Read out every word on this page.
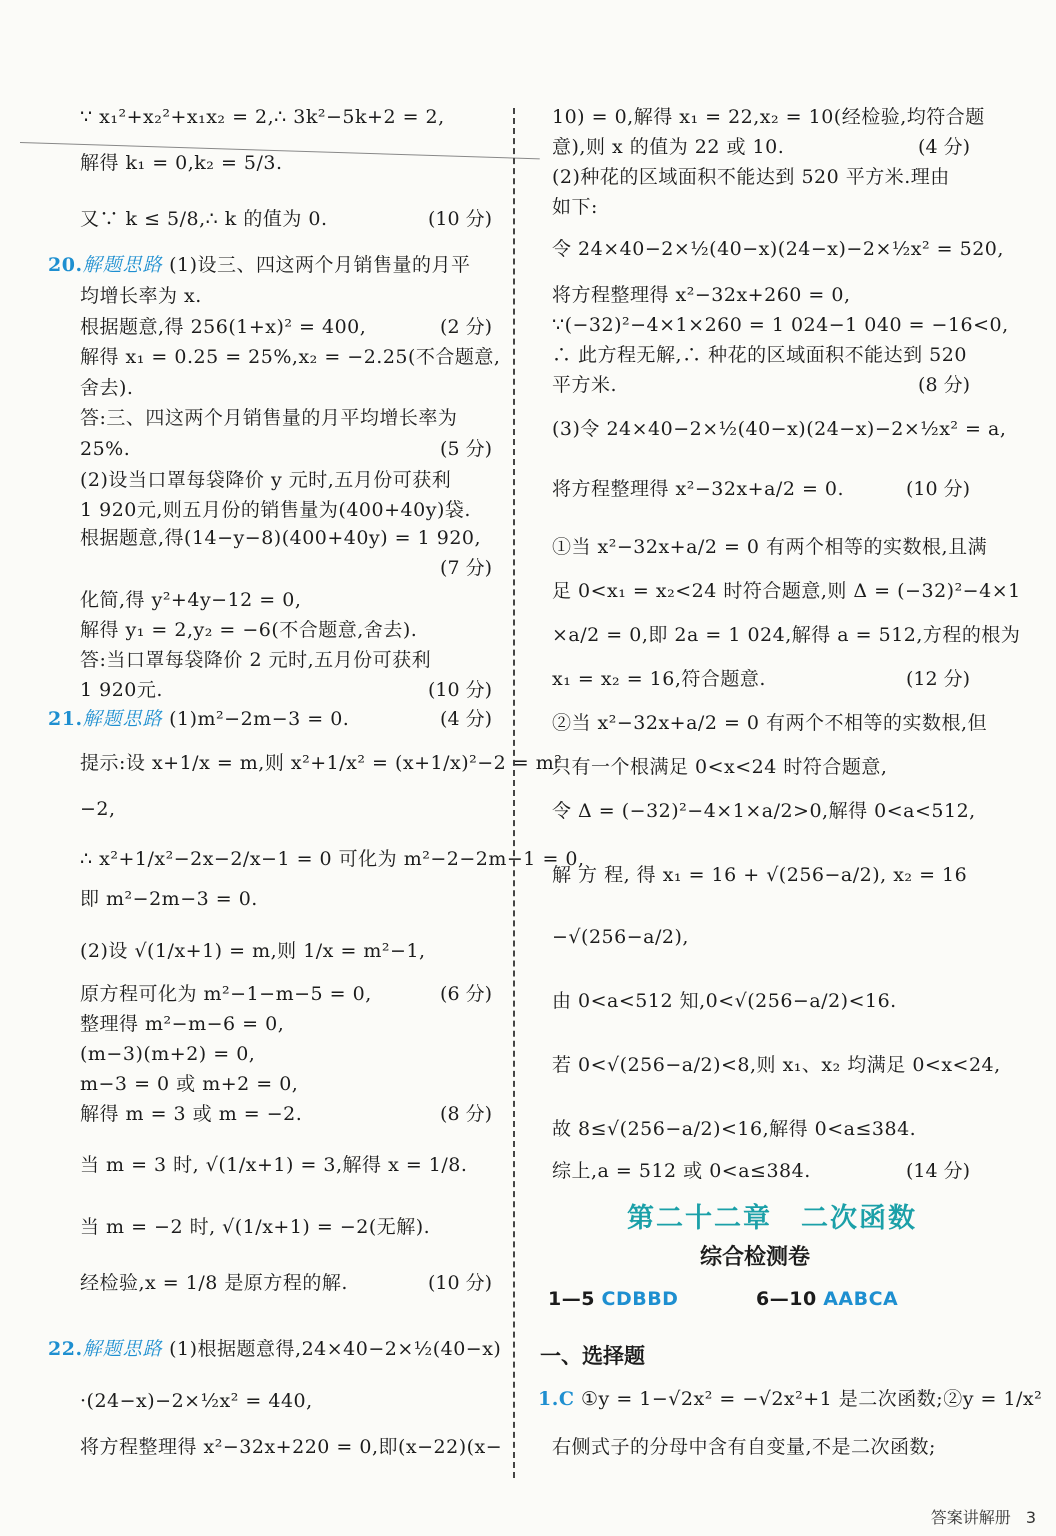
20.解题思路 (1)设三、四这两个月销售量的月平
21.解题思路 (1)m²−2m−3 = 0.
22.解题思路 (1)根据题意得,24×40−2×½(40−x)
第二十二章　二次函数
综合检测卷
1—5 CDBBD	6—10 AABCA
一、选择题
1.C ①y = 1−√2x² = −√2x²+1 是二次函数;②y = 1/x²
右侧式子的分母中含有自变量,不是二次函数;
答案讲解册 3
∵ x₁²+x₂²+x₁x₂ = 2,∴ 3k²−5k+2 = 2,
解得 k₁ = 0,k₂ = 5/3.
又∵ k ≤ 5/8,∴ k 的值为 0.
均增长率为 x.
根据题意,得 256(1+x)² = 400,
解得 x₁ = 0.25 = 25%,x₂ = −2.25(不合题意,
舍去).
答:三、四这两个月销售量的月平均增长率为
25%.
(2)设当口罩每袋降价 y 元时,五月份可获利
1 920元,则五月份的销售量为(400+40y)袋.
根据题意,得(14−y−8)(400+40y) = 1 920,
化简,得 y²+4y−12 = 0,
解得 y₁ = 2,y₂ = −6(不合题意,舍去).
答:当口罩每袋降价 2 元时,五月份可获利
1 920元.
提示:设 x+1/x = m,则 x²+1/x² = (x+1/x)²−2 = m²
−2,
∴ x²+1/x²−2x−2/x−1 = 0 可化为 m²−2−2m−1 = 0,
即 m²−2m−3 = 0.
(2)设 √(1/x+1) = m,则 1/x = m²−1,
原方程可化为 m²−1−m−5 = 0,
整理得 m²−m−6 = 0,
(m−3)(m+2) = 0,
m−3 = 0 或 m+2 = 0,
解得 m = 3 或 m = −2.
当 m = 3 时, √(1/x+1) = 3,解得 x = 1/8.
当 m = −2 时, √(1/x+1) = −2(无解).
经检验,x = 1/8 是原方程的解.
·(24−x)−2×½x² = 440,
将方程整理得 x²−32x+220 = 0,即(x−22)(x−
(10 分)
(2 分)
(5 分)
(7 分)
(10 分)
(4 分)
(6 分)
(8 分)
(10 分)
10) = 0,解得 x₁ = 22,x₂ = 10(经检验,均符合题
意),则 x 的值为 22 或 10.
(2)种花的区域面积不能达到 520 平方米.理由
如下:
令 24×40−2×½(40−x)(24−x)−2×½x² = 520,
将方程整理得 x²−32x+260 = 0,
∵(−32)²−4×1×260 = 1 024−1 040 = −16<0,
∴ 此方程无解,∴ 种花的区域面积不能达到 520
平方米.
(3)令 24×40−2×½(40−x)(24−x)−2×½x² = a,
将方程整理得 x²−32x+a/2 = 0.
①当 x²−32x+a/2 = 0 有两个相等的实数根,且满
足 0<x₁ = x₂<24 时符合题意,则 Δ = (−32)²−4×1
×a/2 = 0,即 2a = 1 024,解得 a = 512,方程的根为
x₁ = x₂ = 16,符合题意.
②当 x²−32x+a/2 = 0 有两个不相等的实数根,但
只有一个根满足 0<x<24 时符合题意,
令 Δ = (−32)²−4×1×a/2>0,解得 0<a<512,
解 方 程, 得 x₁ = 16 + √(256−a/2), x₂ = 16
−√(256−a/2),
由 0<a<512 知,0<√(256−a/2)<16.
若 0<√(256−a/2)<8,则 x₁、x₂ 均满足 0<x<24,
故 8≤√(256−a/2)<16,解得 0<a≤384.
综上,a = 512 或 0<a≤384.
(4 分)
(8 分)
(10 分)
(12 分)
(14 分)
